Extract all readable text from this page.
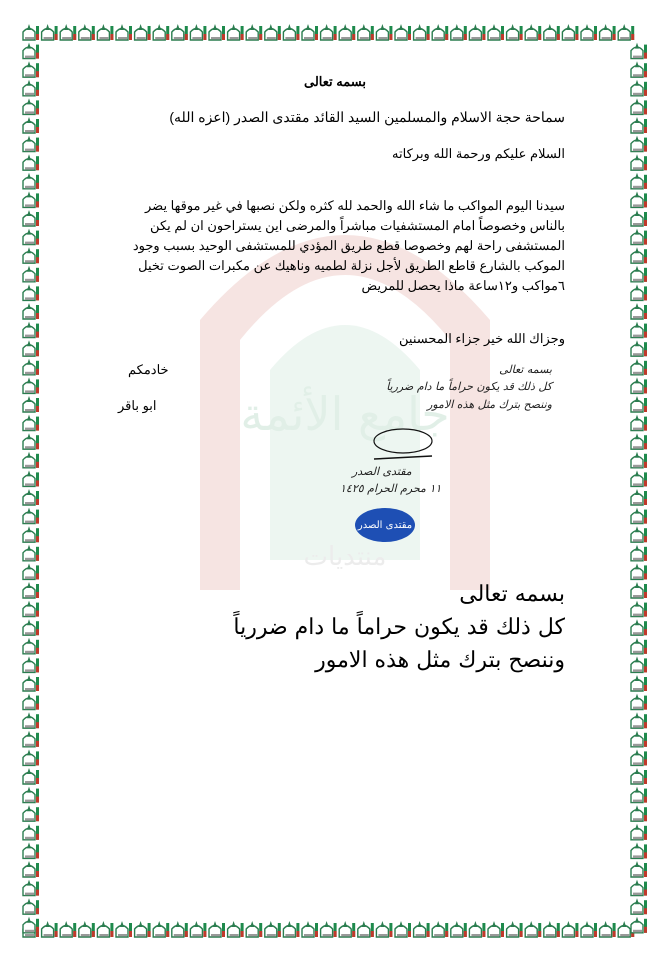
جامع الأئمة
منتديات
بسمه تعالى
سماحة حجة الاسلام والمسلمين السيد القائد مقتدى الصدر (اعزه الله)
السلام عليكم ورحمة الله وبركاته
سيدنا اليوم المواكب ما شاء الله والحمد لله كثره ولكن نصبها في غير موقها يضر
بالناس وخصوصاً امام المستشفيات مباشراً والمرضى اين يستراحون ان لم يكن
المستشفى راحة لهم وخصوصا قطع طريق المؤدي للمستشفى الوحيد بسبب وجود
الموكب بالشارع قاطع الطريق لأجل نزلة لطميه وناهيك عن مكبرات الصوت تخيل
٦مواكب و١٢ساعة ماذا يحصل للمريض
وجزاك الله خير جزاء المحسنين
خادمكم
ابو باقر
بسمه تعالى
كل ذلك قد يكون حراماً ما دام ضررياً
وننصح بترك مثل هذه الامور
مقتدى الصدر
١١ محرم الحرام ١٤٢٥
مقتدى الصدر
بسمه تعالى
كل ذلك قد يكون حراماً ما دام ضررياً
وننصح بترك مثل هذه الامور
